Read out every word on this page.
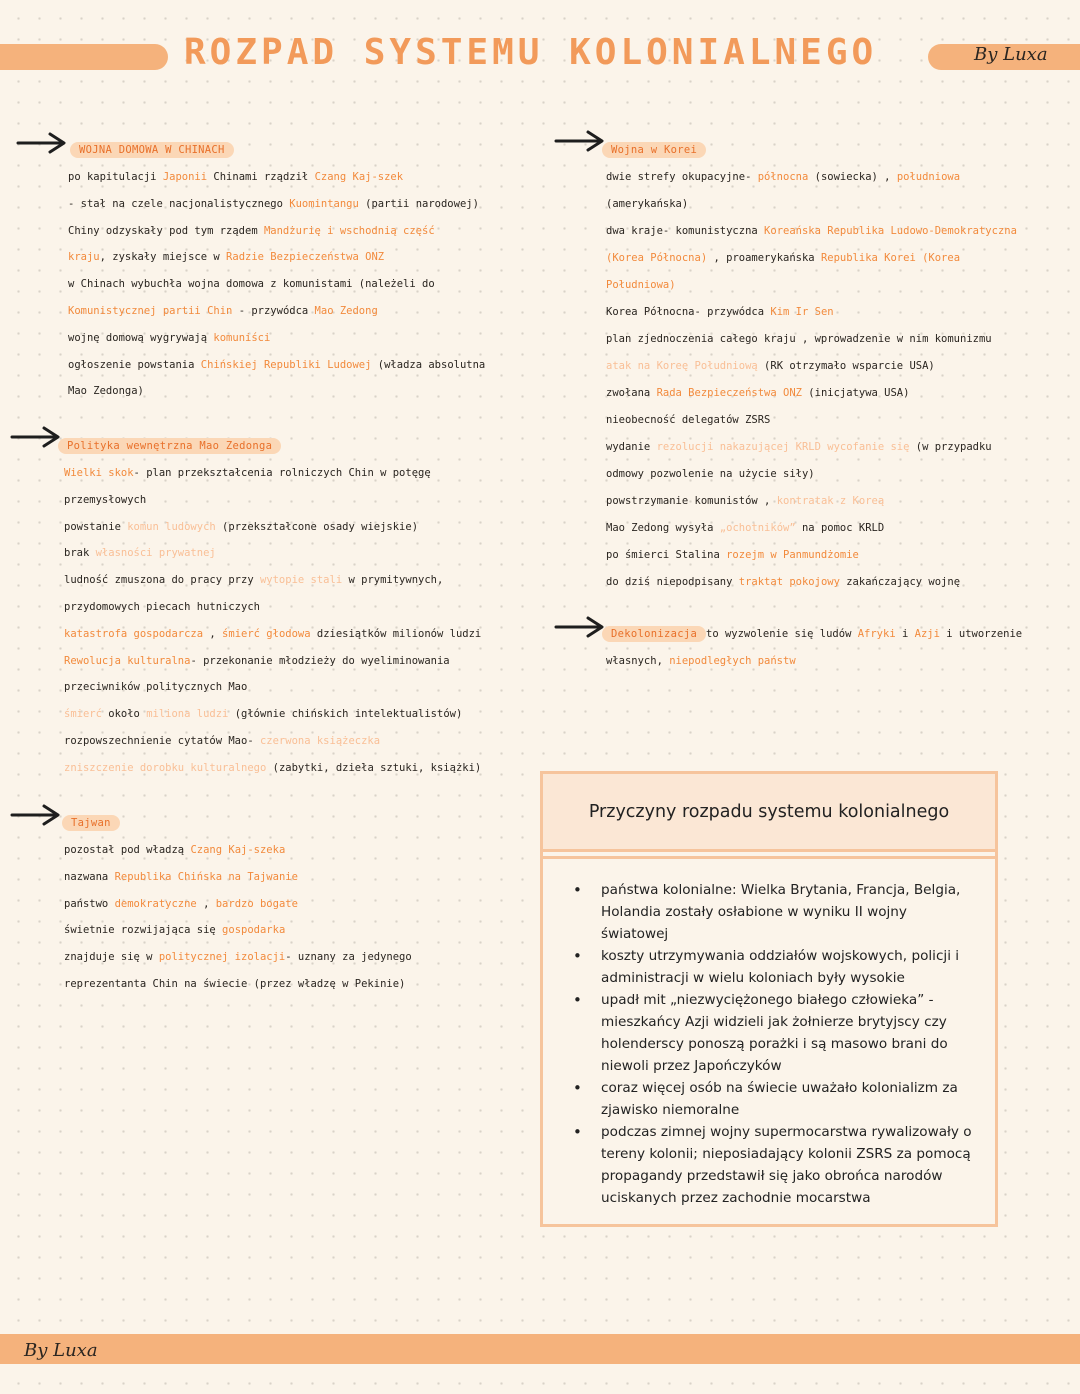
ROZPAD SYSTEMU KOLONIALNEGO	By Luxa
WOJNA DOMOWA W CHINACH
Polityka wewnętrzna Mao Zedonga
Tajwan
Wojna w Korei
Dekolonizacja
po kapitulacji Japonii Chinami rządził Czang Kaj-szek
- stał na czele nacjonalistycznego Kuomintangu (partii narodowej)
Chiny odzyskały pod tym rządem Mandżurię i wschodnią część
kraju, zyskały miejsce w Radzie Bezpieczeństwa ONZ
w Chinach wybuchła wojna domowa z komunistami (należeli do
Komunistycznej partii Chin - przywódca Mao Zedong
wojnę domową wygrywają komuniści
ogłoszenie powstania Chińskiej Republiki Ludowej (władza absolutna
Mao Zedonga)
Wielki skok- plan przekształcenia rolniczych Chin w potęgę
przemysłowych
powstanie komun ludowych (przekształcone osady wiejskie)
brak własności prywatnej
ludność zmuszona do pracy przy wytopie stali w prymitywnych,
przydomowych piecach hutniczych
katastrofa gospodarcza , śmierć głodowa dziesiątków milionów ludzi
Rewolucja kulturalna- przekonanie młodzieży do wyeliminowania
przeciwników politycznych Mao
śmierć około miliona ludzi (głównie chińskich intelektualistów)
rozpowszechnienie cytatów Mao- czerwona książeczka
zniszczenie dorobku kulturalnego (zabytki, dzieła sztuki, książki)
pozostał pod władzą Czang Kaj-szeka
nazwana Republika Chińska na Tajwanie
państwo demokratyczne , bardzo bogate
świetnie rozwijająca się gospodarka
znajduje się w politycznej izolacji- uznany za jedynego
reprezentanta Chin na świecie (przez władzę w Pekinie)
dwie strefy okupacyjne- północna (sowiecka) , południowa
(amerykańska)
dwa kraje- komunistyczna Koreańska Republika Ludowo-Demokratyczna
(Korea Północna) , proamerykańska Republika Korei (Korea
Południowa)
Korea Północna- przywódca Kim Ir Sen
plan zjednoczenia całego kraju , wprowadzenie w nim komunizmu
atak na Koreę Południową (RK otrzymało wsparcie USA)
zwołana Rada Bezpieczeństwa ONZ (inicjatywa USA)
nieobecność delegatów ZSRS
wydanie rezolucji nakazującej KRLD wycofanie się (w przypadku
odmowy pozwolenie na użycie siły)
powstrzymanie komunistów , kontratak z Koreą
Mao Zedong wysyła „ochotników” na pomoc KRLD
po śmierci Stalina rozejm w Panmundżomie
do dziś niepodpisany traktat pokojowy zakańczający wojnę
to wyzwolenie się ludów Afryki i Azji i utworzenie
własnych, niepodległych państw
Przyczyny rozpadu systemu kolonialnego
• państwa kolonialne: Wielka Brytania, Francja, Belgia, Holandia zostały osłabione w wyniku II wojny światowej
• koszty utrzymywania oddziałów wojskowych, policji i administracji w wielu koloniach były wysokie
• upadł mit „niezwyciężonego białego człowieka” - mieszkańcy Azji widzieli jak żołnierze brytyjscy czy holenderscy ponoszą porażki i są masowo brani do niewoli przez Japończyków
• coraz więcej osób na świecie uważało kolonializm za zjawisko niemoralne
• podczas zimnej wojny supermocarstwa rywalizowały o tereny kolonii; nieposiadający kolonii ZSRS za pomocą propagandy przedstawił się jako obrońca narodów uciskanych przez zachodnie mocarstwa
By Luxa
